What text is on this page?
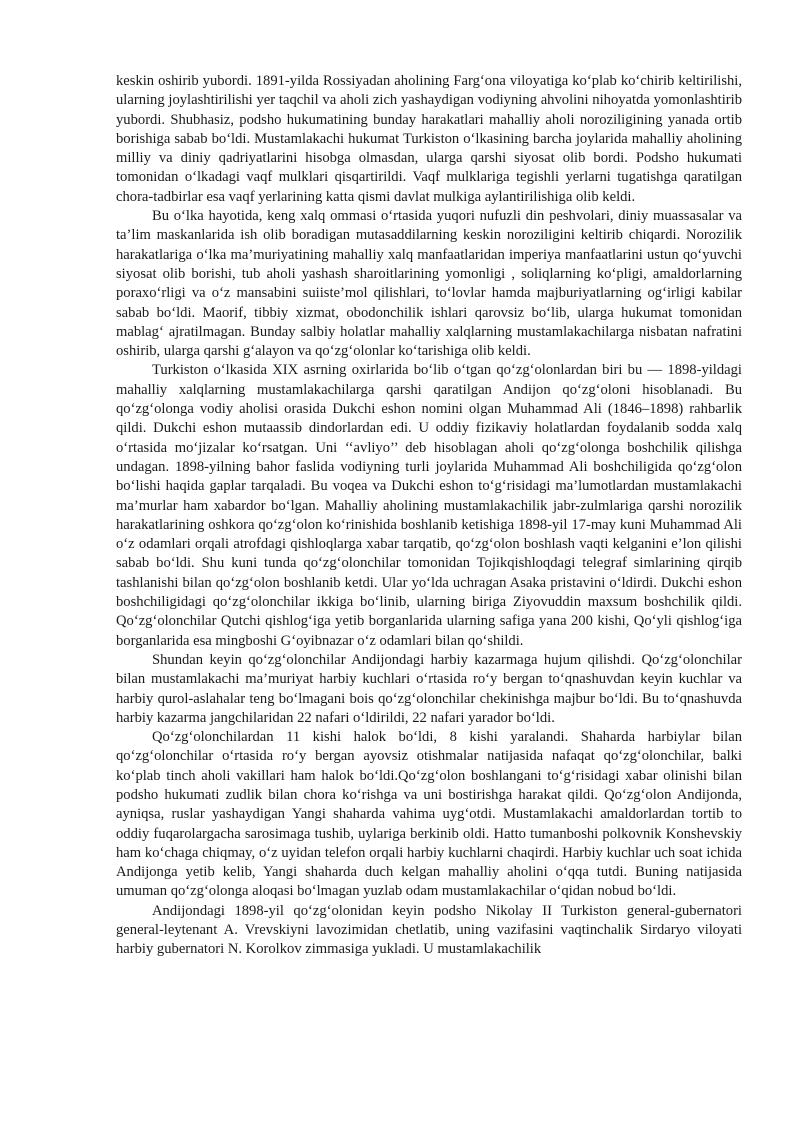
keskin oshirib yubordi. 1891-yilda Rossiyadan aholining Farg‘ona viloyatiga ko‘plab ko‘chirib keltirilishi, ularning joylashtirilishi yer taqchil va aholi zich yashaydigan vodiyning ahvolini nihoyatda yomonlashtirib yubordi. Shubhasiz, podsho hukumatining bunday harakatlari mahalliy aholi noroziligining yanada ortib borishiga sabab bo‘ldi. Mustamlakachi hukumat Turkiston o‘lkasining barcha joylarida mahalliy aholining milliy va diniy qadriyatlarini hisobga olmasdan, ularga qarshi siyosat olib bordi. Podsho hukumati tomonidan o‘lkadagi vaqf mulklari qisqartirildi. Vaqf mulklariga tegishli yerlarni tugatishga qaratilgan chora-tadbirlar esa vaqf yerlarining katta qismi davlat mulkiga aylantirilishiga olib keldi.

Bu o‘lka hayotida, keng xalq ommasi o‘rtasida yuqori nufuzli din peshvolari, diniy muassasalar va ta’lim maskanlarida ish olib boradigan mutasaddilarning keskin noroziligini keltirib chiqardi. Norozilik harakatlariga o‘lka ma’muriyatining mahalliy xalq manfaatlaridan imperiya manfaatlarini ustun qo‘yuvchi siyosat olib borishi, tub aholi yashash sharoitlarining yomonligi , soliqlarning ko‘pligi, amaldorlarning poraxo‘rligi va o‘z mansabini suiiste’mol qilishlari, to‘lovlar hamda majburiyatlarning og‘irligi kabilar sabab bo‘ldi. Maorif, tibbiy xizmat, obodonchilik ishlari qarovsiz bo‘lib, ularga hukumat tomonidan mablag‘ ajratilmagan. Bunday salbiy holatlar mahalliy xalqlarning mustamlakachilarga nisbatan nafratini oshirib, ularga qarshi g‘alayon va qo‘zg‘olonlar ko‘tarishiga olib keldi.

Turkiston o‘lkasida XIX asrning oxirlarida bo‘lib o‘tgan qo‘zg‘olonlardan biri bu — 1898-yildagi mahalliy xalqlarning mustamlakachilarga qarshi qaratilgan Andijon qo‘zg‘oloni hisoblanadi. Bu qo‘zg‘olonga vodiy aholisi orasida Dukchi eshon nomini olgan Muhammad Ali (1846–1898) rahbarlik qildi. Dukchi eshon mutaassib dindorlardan edi. U oddiy fizikaviy holatlardan foydalanib sodda xalq o‘rtasida mo‘jizalar ko‘rsatgan. Uni ‘‘avliyo’’ deb hisoblagan aholi qo‘zg‘olonga boshchilik qilishga undagan. 1898-yilning bahor faslida vodiyning turli joylarida Muhammad Ali boshchiligida qo‘zg‘olon bo‘lishi haqida gaplar tarqaladi. Bu voqea va Dukchi eshon to‘g‘risidagi ma’lumotlardan mustamlakachi ma’murlar ham xabardor bo‘lgan. Mahalliy aholining mustamlakachilik jabr-zulmlariga qarshi norozilik harakatlarining oshkora qo‘zg‘olon ko‘rinishida boshlanib ketishiga 1898-yil 17-may kuni Muhammad Ali o‘z odamlari orqali atrofdagi qishloqlarga xabar tarqatib, qo‘zg‘olon boshlash vaqti kelganini e’lon qilishi sabab bo‘ldi. Shu kuni tunda qo‘zg‘olonchilar tomonidan Tojikqishloqdagi telegraf simlarining qirqib tashlanishi bilan qo‘zg‘olon boshlanib ketdi. Ular yo‘lda uchragan Asaka pristavini o‘ldirdi. Dukchi eshon boshchiligidagi qo‘zg‘olonchilar ikkiga bo‘linib, ularning biriga Ziyovuddin maxsum boshchilik qildi. Qo‘zg‘olonchilar Qutchi qishlog‘iga yetib borganlarida ularning safiga yana 200 kishi, Qo‘yli qishlog‘iga borganlarida esa mingboshi G‘oyibnazar o‘z odamlari bilan qo‘shildi.

Shundan keyin qo‘zg‘olonchilar Andijondagi harbiy kazarmaga hujum qilishdi. Qo‘zg‘olonchilar bilan mustamlakachi ma’muriyat harbiy kuchlari o‘rtasida ro‘y bergan to‘qnashuvdan keyin kuchlar va harbiy qurol-aslahalar teng bo‘lmagani bois qo‘zg‘olonchilar chekinishga majbur bo‘ldi. Bu to‘qnashuvda harbiy kazarma jangchilaridan 22 nafari o‘ldirildi, 22 nafari yarador bo‘ldi.

Qo‘zg‘olonchilardan 11 kishi halok bo‘ldi, 8 kishi yaralandi. Shaharda harbiylar bilan qo‘zg‘olonchilar o‘rtasida ro‘y bergan ayovsiz otishmalar natijasida nafaqat qo‘zg‘olonchilar, balki ko‘plab tinch aholi vakillari ham halok bo‘ldi.Qo‘zg‘olon boshlangani to‘g‘risidagi xabar olinishi bilan podsho hukumati zudlik bilan chora ko‘rishga va uni bostirishga harakat qildi. Qo‘zg‘olon Andijonda, ayniqsa, ruslar yashaydigan Yangi shaharda vahima uyg‘otdi. Mustamlakachi amaldorlardan tortib to oddiy fuqarolargacha sarosimaga tushib, uylariga berkinib oldi. Hatto tumanboshi polkovnik Konshevskiy ham ko‘chaga chiqmay, o‘z uyidan telefon orqali harbiy kuchlarni chaqirdi. Harbiy kuchlar uch soat ichida Andijonga yetib kelib, Yangi shaharda duch kelgan mahalliy aholini o‘qqa tutdi. Buning natijasida umuman qo‘zg‘olonga aloqasi bo‘lmagan yuzlab odam mustamlakachilar o‘qidan nobud bo‘ldi.

Andijondagi 1898-yil qo‘zg‘olonidan keyin podsho Nikolay II Turkiston general-gubernatori general-leytenant A. Vrevskiyni lavozimidan chetlatib, uning vazifasini vaqtinchalik Sirdaryo viloyati harbiy gubernatori N. Korolkov zimmasiga yukladi. U mustamlakachilik
